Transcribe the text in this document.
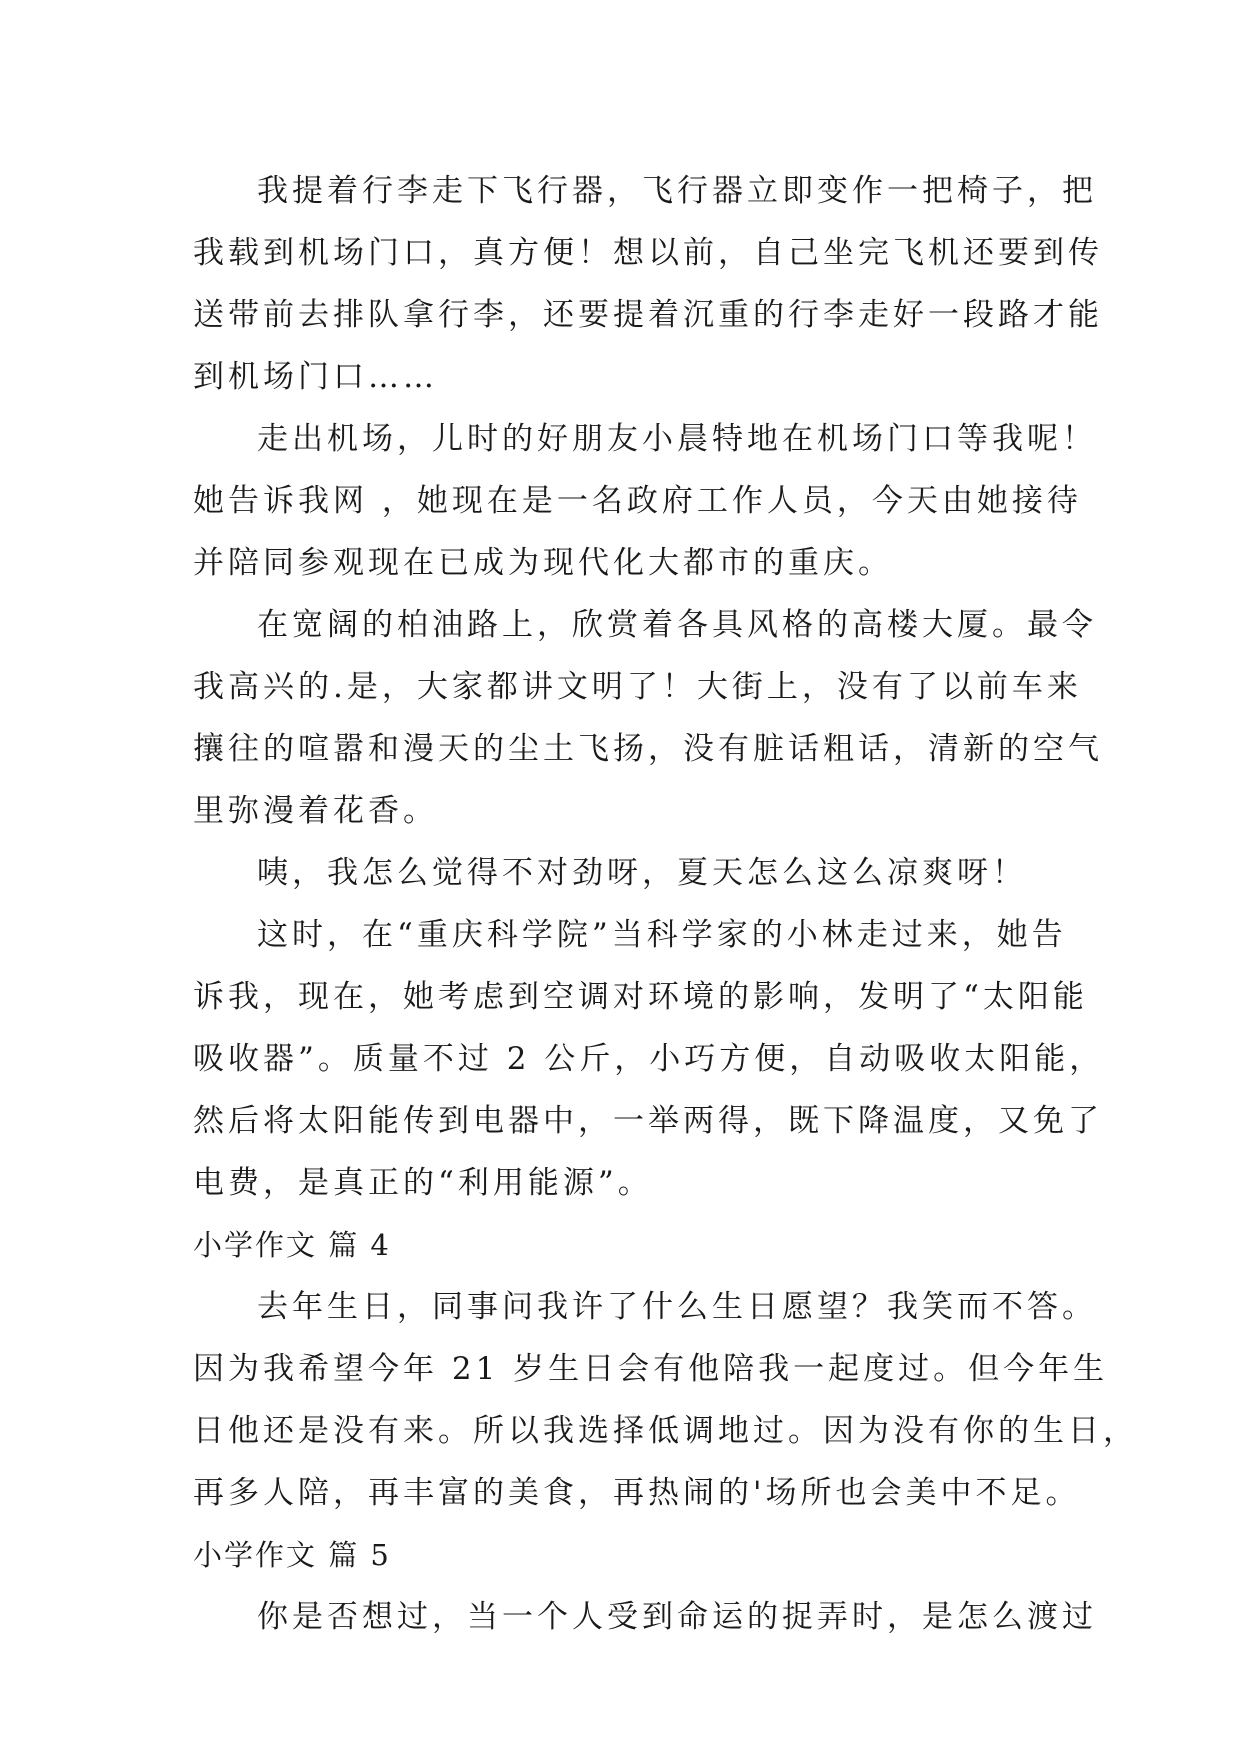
我提着行李走下飞行器，飞行器立即变作一把椅子，把
我载到机场门口，真方便！想以前，自己坐完飞机还要到传
送带前去排队拿行李，还要提着沉重的行李走好一段路才能
到机场门口……
走出机场，儿时的好朋友小晨特地在机场门口等我呢！
她告诉我网 ，她现在是一名政府工作人员，今天由她接待
并陪同参观现在已成为现代化大都市的重庆。
在宽阔的柏油路上，欣赏着各具风格的高楼大厦。最令
我高兴的.是，大家都讲文明了！大街上，没有了以前车来
攘往的喧嚣和漫天的尘土飞扬，没有脏话粗话，清新的空气
里弥漫着花香。
咦，我怎么觉得不对劲呀，夏天怎么这么凉爽呀！
这时，在“重庆科学院”当科学家的小林走过来，她告
诉我，现在，她考虑到空调对环境的影响，发明了“太阳能
吸收器”。质量不过 2 公斤，小巧方便，自动吸收太阳能，
然后将太阳能传到电器中，一举两得，既下降温度，又免了
电费，是真正的“利用能源”。
小学作文 篇 4
去年生日，同事问我许了什么生日愿望？我笑而不答。
因为我希望今年 21 岁生日会有他陪我一起度过。但今年生
日他还是没有来。所以我选择低调地过。因为没有你的生日，
再多人陪，再丰富的美食，再热闹的'场所也会美中不足。
小学作文 篇 5
你是否想过，当一个人受到命运的捉弄时，是怎么渡过
